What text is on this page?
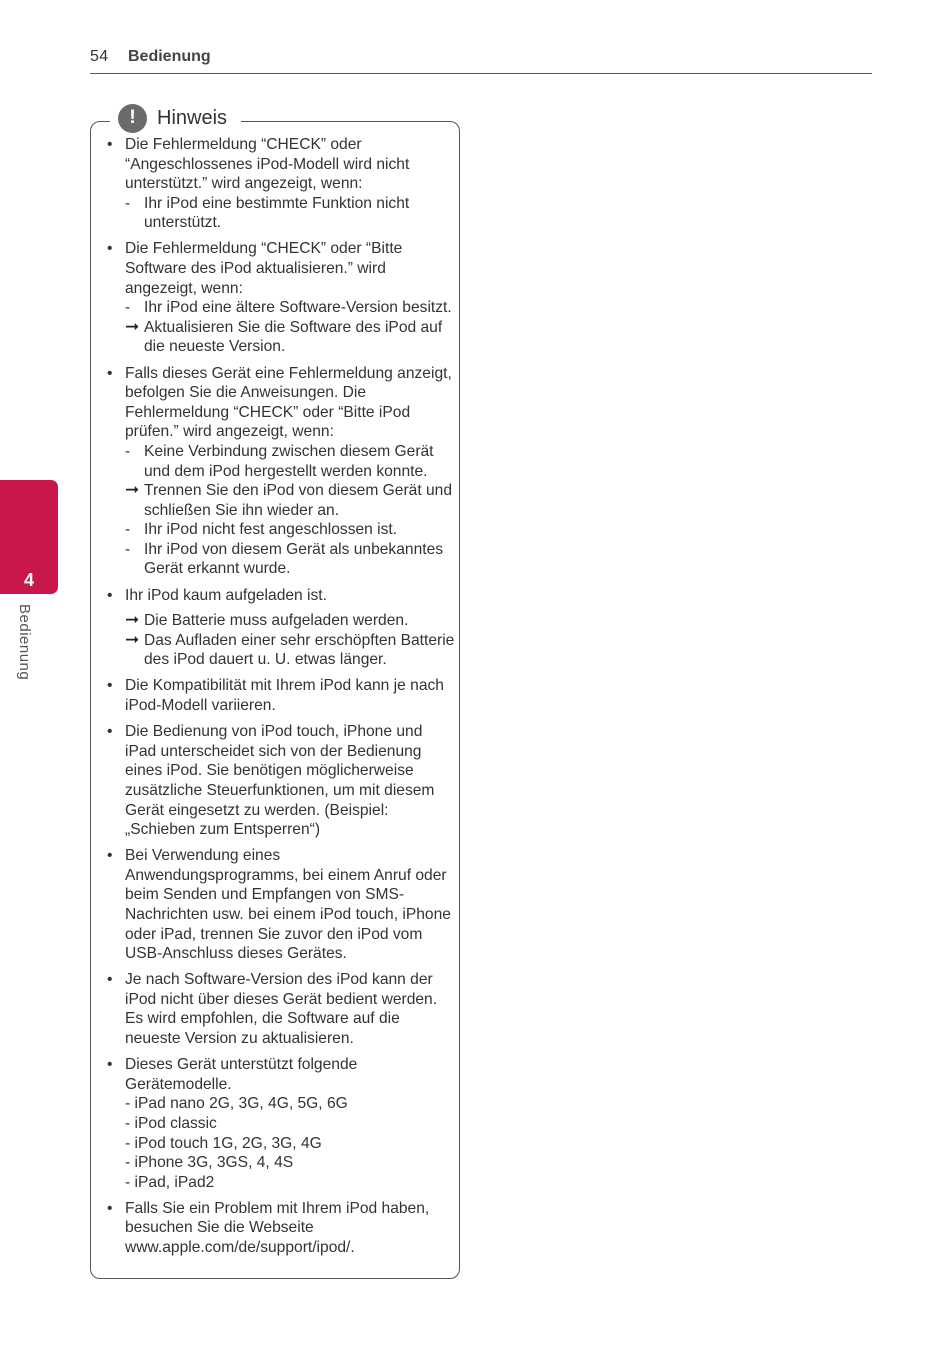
54 Bedienung
4
Bedienung
!	Hinweis
• Die Fehlermeldung “CHECK” oder “Angeschlossenes iPod-Modell wird nicht unterstützt.” wird angezeigt, wenn:
- Ihr iPod eine bestimmte Funktion nicht unterstützt.
• Die Fehlermeldung “CHECK” oder “Bitte Software des iPod aktualisieren.” wird angezeigt, wenn:
- Ihr iPod eine ältere Software-Version besitzt.
➞ Aktualisieren Sie die Software des iPod auf die neueste Version.
• Falls dieses Gerät eine Fehlermeldung anzeigt, befolgen Sie die Anweisungen. Die Fehlermeldung “CHECK” oder “Bitte iPod prüfen.” wird angezeigt, wenn:
- Keine Verbindung zwischen diesem Gerät und dem iPod hergestellt werden konnte.
➞ Trennen Sie den iPod von diesem Gerät und schließen Sie ihn wieder an.
- Ihr iPod nicht fest angeschlossen ist.
- Ihr iPod von diesem Gerät als unbekanntes Gerät erkannt wurde.
• Ihr iPod kaum aufgeladen ist.
➞ Die Batterie muss aufgeladen werden.
➞ Das Aufladen einer sehr erschöpften Batterie des iPod dauert u. U. etwas länger.
• Die Kompatibilität mit Ihrem iPod kann je nach iPod-Modell variieren.
• Die Bedienung von iPod touch, iPhone und iPad unterscheidet sich von der Bedienung eines iPod. Sie benötigen möglicherweise zusätzliche Steuerfunktionen, um mit diesem Gerät eingesetzt zu werden. (Beispiel: „Schieben zum Entsperren“)
• Bei Verwendung eines Anwendungsprogramms, bei einem Anruf oder beim Senden und Empfangen von SMS-Nachrichten usw. bei einem iPod touch, iPhone oder iPad, trennen Sie zuvor den iPod vom USB-Anschluss dieses Gerätes.
• Je nach Software-Version des iPod kann der iPod nicht über dieses Gerät bedient werden. Es wird empfohlen, die Software auf die neueste Version zu aktualisieren.
• Dieses Gerät unterstützt folgende Gerätemodelle.
- iPad nano 2G, 3G, 4G, 5G, 6G
- iPod classic
- iPod touch 1G, 2G, 3G, 4G
- iPhone 3G, 3GS, 4, 4S
- iPad, iPad2
• Falls Sie ein Problem mit Ihrem iPod haben, besuchen Sie die Webseite www.apple.com/de/support/ipod/.
